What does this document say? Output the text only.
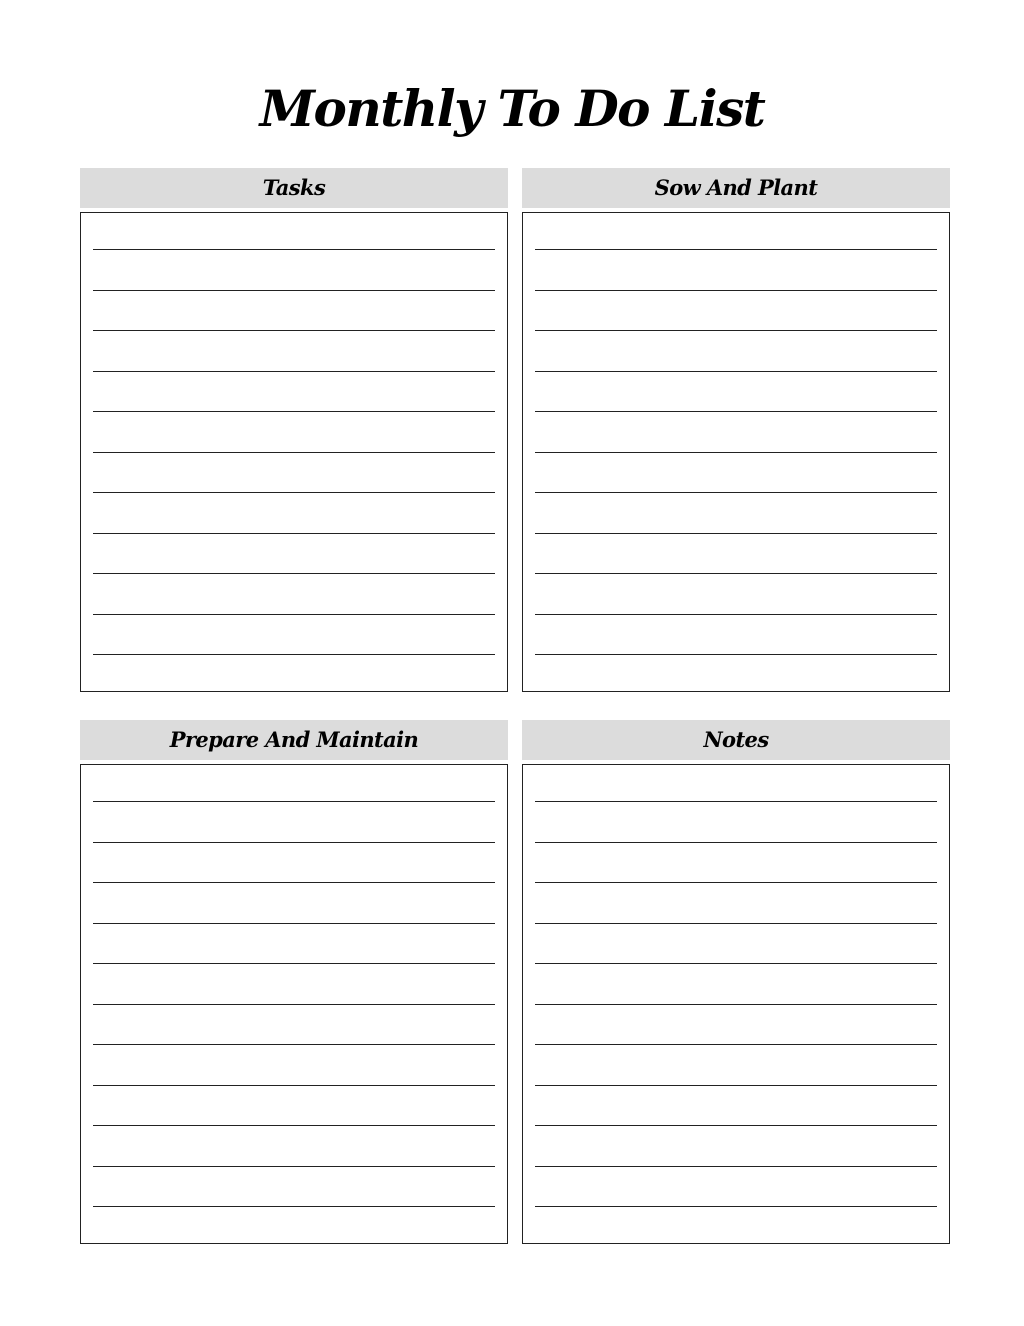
Monthly To Do List
Tasks	Sow And Plant
Prepare And Maintain	Notes
